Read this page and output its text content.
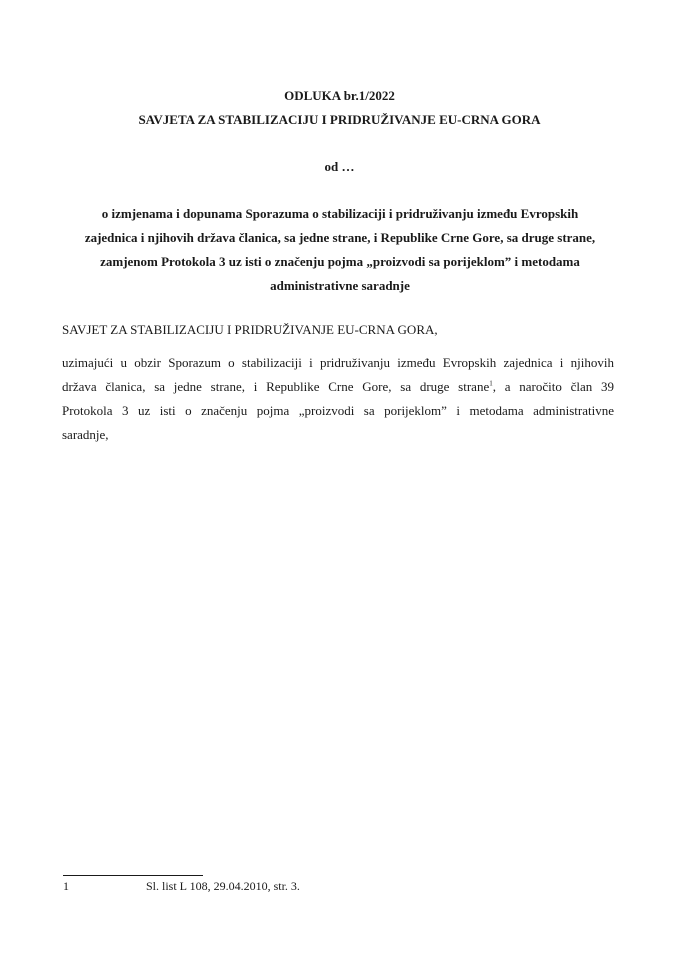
ODLUKA br.1/2022
SAVJETA ZA STABILIZACIJU I PRIDRUŽIVANJE EU-CRNA GORA
od …
o izmjenama i dopunama Sporazuma o stabilizaciji i pridruživanju između Evropskih
zajednica i njihovih država članica, sa jedne strane, i Republike Crne Gore, sa druge strane,
zamjenom Protokola 3 uz isti o značenju pojma „proizvodi sa porijeklom” i metodama
administrativne saradnje
SAVJET ZA STABILIZACIJU I PRIDRUŽIVANJE EU-CRNA GORA,
uzimajući u obzir Sporazum o stabilizaciji i pridruživanju između Evropskih zajednica i njihovih
država članica, sa jedne strane, i Republike Crne Gore, sa druge strane$^1$, a naročito član 39
Protokola 3 uz isti o značenju pojma „proizvodi sa porijeklom” i metodama administrativne
saradnje,
1	Sl. list L 108, 29.04.2010, str. 3.
